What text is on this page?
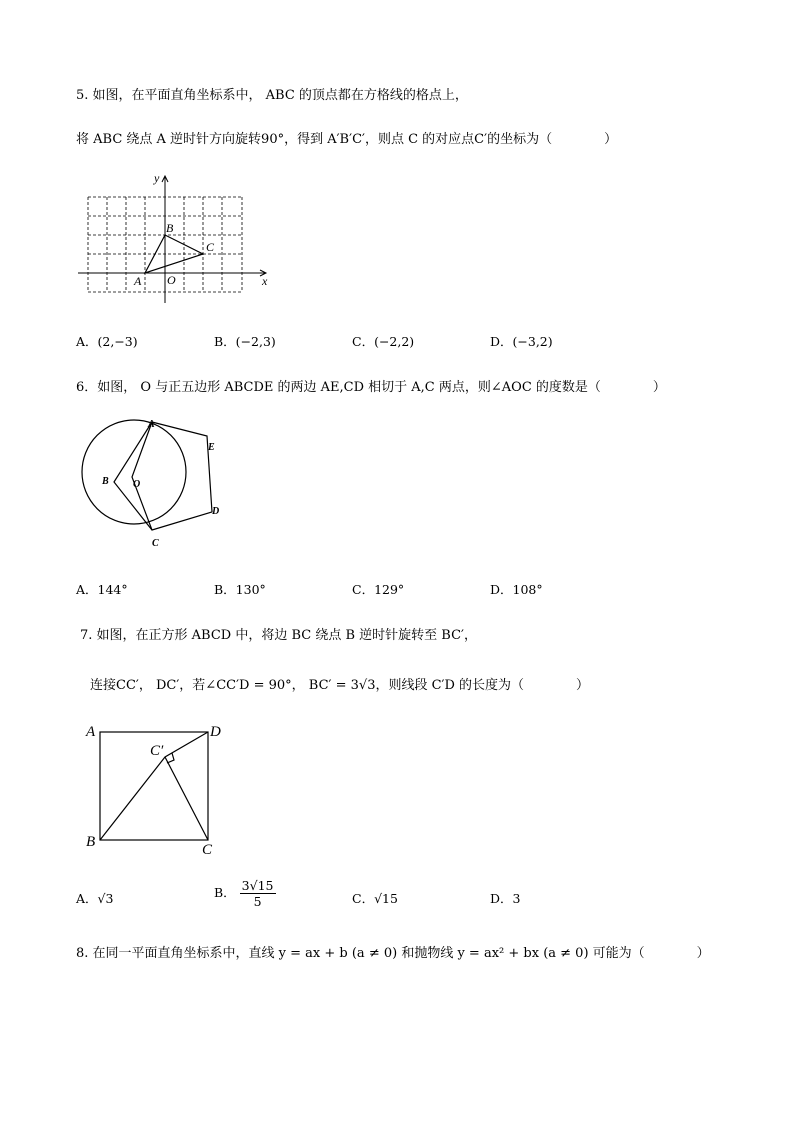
5. 如图，在平面直角坐标系中， ABC 的顶点都在方格线的格点上，
将 ABC 绕点 A 逆时针方向旋转90°，得到 A′B′C′，则点 C 的对应点C′的坐标为（　　　　）
y
x
B
C
A O
A．(2,−3)	B．(−2,3)	C．(−2,2)	D．(−3,2)
6．如图， O 与正五边形 ABCDE 的两边 AE,CD 相切于 A,C 两点，则∠AOC 的度数是（　　　　）
A
E
B O
D
C
A．144°	B．130°	C．129°	D．108°
7. 如图，在正方形 ABCD 中，将边 BC 绕点 B 逆时针旋转至 BC′，
连接CC′， DC′，若∠CC′D = 90°， BC′ = 3√3，则线段 C′D 的长度为（　　　　）
A	D
C′
B	C
A．√3	B． $\frac{3√15}{5}$	C．√15	D．3
8. 在同一平面直角坐标系中，直线 y = ax + b (a ≠ 0) 和抛物线 y = ax² + bx (a ≠ 0) 可能为（　　　　）
